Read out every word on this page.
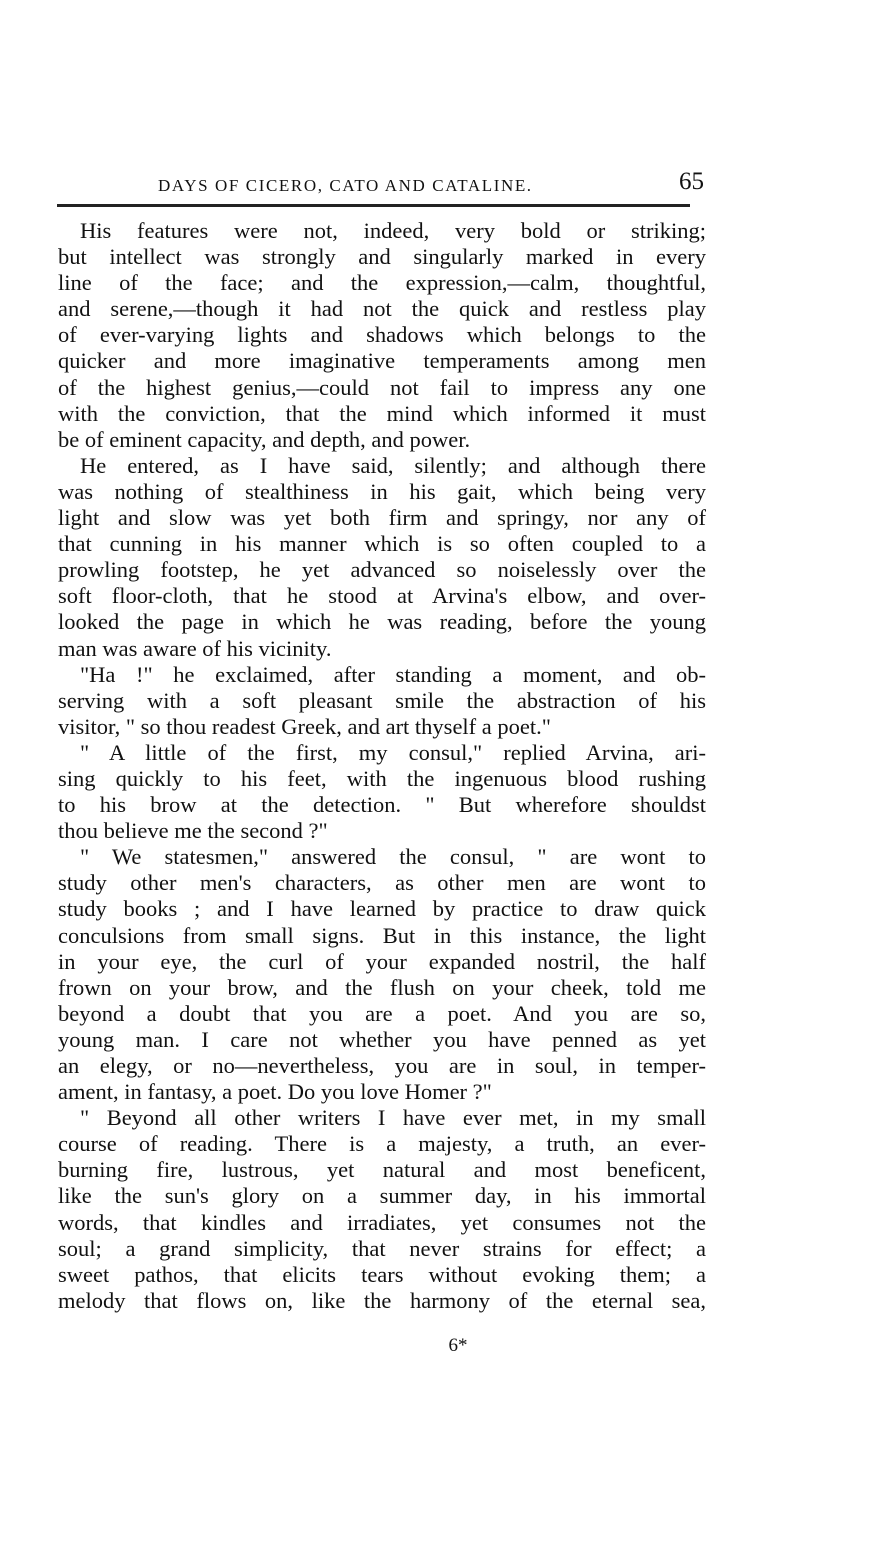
DAYS OF CICERO, CATO AND CATALINE.	65
His features were not, indeed, very bold or striking;
but intellect was strongly and singularly marked in every
line of the face; and the expression,—calm, thoughtful,
and serene,—though it had not the quick and restless play
of ever-varying lights and shadows which belongs to the
quicker and more imaginative temperaments among men
of the highest genius,—could not fail to impress any one
with the conviction, that the mind which informed it must
be of eminent capacity, and depth, and power.
He entered, as I have said, silently; and although there
was nothing of stealthiness in his gait, which being very
light and slow was yet both firm and springy, nor any of
that cunning in his manner which is so often coupled to a
prowling footstep, he yet advanced so noiselessly over the
soft floor-cloth, that he stood at Arvina's elbow, and over-
looked the page in which he was reading, before the young
man was aware of his vicinity.
"Ha !" he exclaimed, after standing a moment, and ob-
serving with a soft pleasant smile the abstraction of his
visitor, " so thou readest Greek, and art thyself a poet."
" A little of the first, my consul," replied Arvina, ari-
sing quickly to his feet, with the ingenuous blood rushing
to his brow at the detection. " But wherefore shouldst
thou believe me the second ?"
" We statesmen," answered the consul, " are wont to
study other men's characters, as other men are wont to
study books ; and I have learned by practice to draw quick
conculsions from small signs. But in this instance, the light
in your eye, the curl of your expanded nostril, the half
frown on your brow, and the flush on your cheek, told me
beyond a doubt that you are a poet. And you are so,
young man. I care not whether you have penned as yet
an elegy, or no—nevertheless, you are in soul, in temper-
ament, in fantasy, a poet. Do you love Homer ?"
" Beyond all other writers I have ever met, in my small
course of reading. There is a majesty, a truth, an ever-
burning fire, lustrous, yet natural and most beneficent,
like the sun's glory on a summer day, in his immortal
words, that kindles and irradiates, yet consumes not the
soul; a grand simplicity, that never strains for effect; a
sweet pathos, that elicits tears without evoking them; a
melody that flows on, like the harmony of the eternal sea,
6*
